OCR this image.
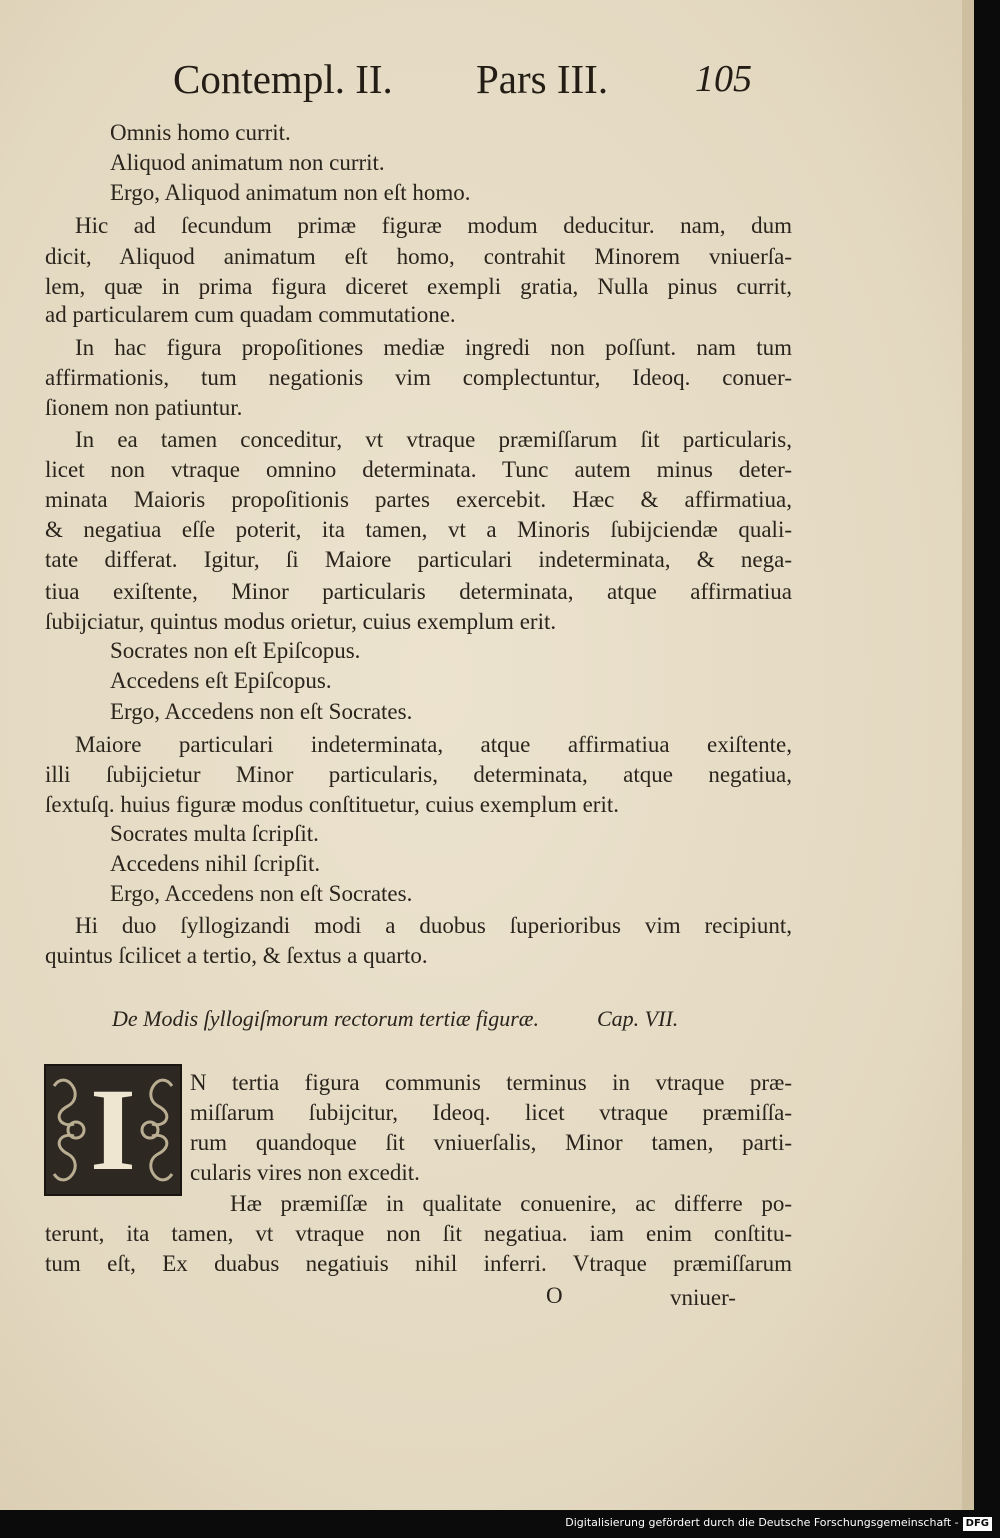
Contempl. II. Pars III. 105
Omnis homo currit.
Aliquod animatum non currit.
Ergo, Aliquod animatum non eſt homo.
Hic ad ſecundum primæ figuræ modum deducitur. nam, dum
dicit, Aliquod animatum eſt homo, contrahit Minorem vniuerſa-
lem, quæ in prima figura diceret exempli gratia, Nulla pinus currit,
ad particularem cum quadam commutatione.
In hac figura propoſitiones mediæ ingredi non poſſunt. nam tum
affirmationis, tum negationis vim complectuntur, Ideoq. conuer-
ſionem non patiuntur.
In ea tamen conceditur, vt vtraque præmiſſarum ſit particularis,
licet non vtraque omnino determinata. Tunc autem minus deter-
minata Maioris propoſitionis partes exercebit. Hæc & affirmatiua,
& negatiua eſſe poterit, ita tamen, vt a Minoris ſubijciendæ quali-
tate differat. Igitur, ſi Maiore particulari indeterminata, & nega-
tiua exiſtente, Minor particularis determinata, atque affirmatiua
ſubijciatur, quintus modus orietur, cuius exemplum erit.
Socrates non eſt Epiſcopus.
Accedens eſt Epiſcopus.
Ergo, Accedens non eſt Socrates.
Maiore particulari indeterminata, atque affirmatiua exiſtente,
illi ſubijcietur Minor particularis, determinata, atque negatiua,
ſextuſq. huius figuræ modus conſtituetur, cuius exemplum erit.
Socrates multa ſcripſit.
Accedens nihil ſcripſit.
Ergo, Accedens non eſt Socrates.
Hi duo ſyllogizandi modi a duobus ſuperioribus vim recipiunt,
quintus ſcilicet a tertio, & ſextus a quarto.
De Modis ſyllogiſmorum rectorum tertiæ figuræ.	Cap. VII.
I	N tertia figura communis terminus in vtraque præ-
miſſarum ſubijcitur, Ideoq. licet vtraque præmiſſa-
rum quandoque ſit vniuerſalis, Minor tamen, parti-
cularis vires non excedit.
Hæ præmiſſæ in qualitate conuenire, ac differre po-
terunt, ita tamen, vt vtraque non ſit negatiua. iam enim conſtitu-
tum eſt, Ex duabus negatiuis nihil inferri. Vtraque præmiſſarum
O	vniuer-
Digitalisierung gefördert durch die Deutsche Forschungsgemeinschaft - DFG
